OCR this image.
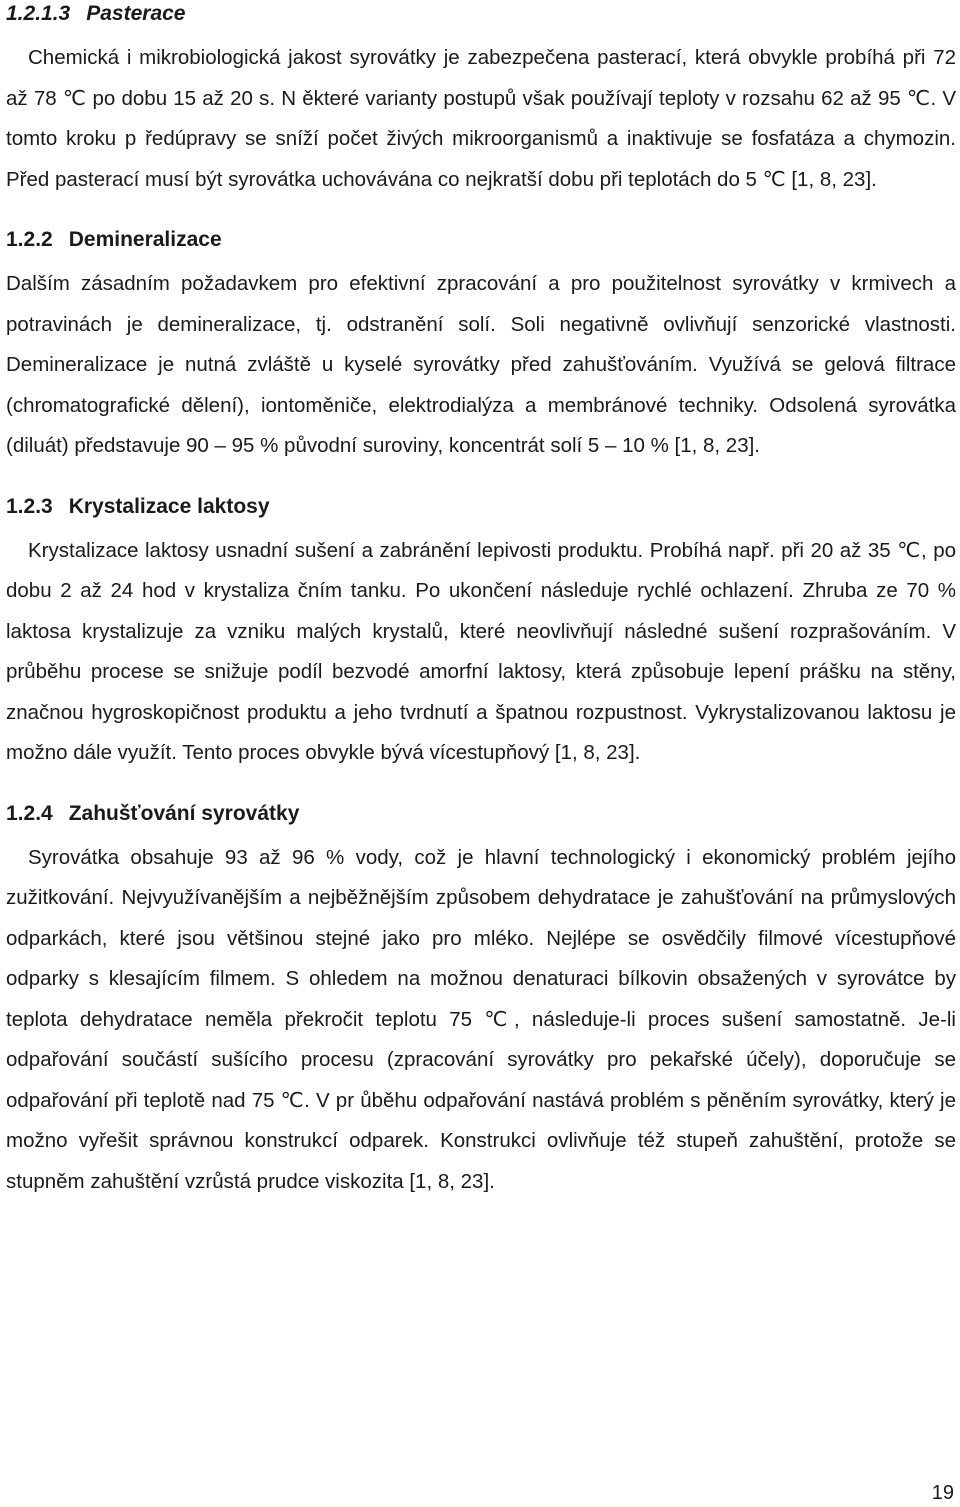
1.2.1.3 Pasterace

Chemická i mikrobiologická jakost syrovátky je zabezpečena pasterací, která obvykle probíhá při 72 až 78 ℃ po dobu 15 až 20 s. N ěkteré varianty postupů však používají teploty v rozsahu 62 až 95 ℃. V tomto kroku p ředúpravy se sníží počet živých mikroorganismů a inaktivuje se fosfatáza a chymozin. Před pasterací musí být syrovátka uchovávána co nejkratší dobu při teplotách do 5 ℃ [1, 8, 23].

1.2.2 Demineralizace

Dalším zásadním požadavkem pro efektivní zpracování a pro použitelnost syrovátky v krmivech a potravinách je demineralizace, tj. odstranění solí. Soli negativně ovlivňují senzorické vlastnosti. Demineralizace je nutná zvláště u kyselé syrovátky před zahušťováním. Využívá se gelová filtrace (chromatografické dělení), iontoměniče, elektrodialýza a membránové techniky. Odsolená syrovátka (diluát) představuje 90 – 95 % původní suroviny, koncentrát solí 5 – 10 % [1, 8, 23].

1.2.3 Krystalizace laktosy

Krystalizace laktosy usnadní sušení a zabránění lepivosti produktu. Probíhá např. při 20 až 35 ℃, po dobu 2 až 24 hod v krystaliza čním tanku. Po ukončení následuje rychlé ochlazení. Zhruba ze 70 % laktosa krystalizuje za vzniku malých krystalů, které neovlivňují následné sušení rozprašováním. V průběhu procese se snižuje podíl bezvodé amorfní laktosy, která způsobuje lepení prášku na stěny, značnou hygroskopičnost produktu a jeho tvrdnutí a špatnou rozpustnost. Vykrystalizovanou laktosu je možno dále využít. Tento proces obvykle bývá vícestupňový [1, 8, 23].

1.2.4 Zahušťování syrovátky

Syrovátka obsahuje 93 až 96 % vody, což je hlavní technologický i ekonomický problém jejího zužitkování. Nejvyužívanějším a nejběžnějším způsobem dehydratace je zahušťování na průmyslových odparkách, které jsou většinou stejné jako pro mléko. Nejlépe se osvědčily filmové vícestupňové odparky s klesajícím filmem. S ohledem na možnou denaturaci bílkovin obsažených v syrovátce by teplota dehydratace neměla překročit teplotu 75 ℃, následuje-li proces sušení samostatně. Je-li odpařování součástí sušícího procesu (zpracování syrovátky pro pekařské účely), doporučuje se odpařování při teplotě nad 75 ℃. V pr ůběhu odpařování nastává problém s pěněním syrovátky, který je možno vyřešit správnou konstrukcí odparek. Konstrukci ovlivňuje též stupeň zahuštění, protože se stupněm zahuštění vzrůstá prudce viskozita [1, 8, 23].

19
